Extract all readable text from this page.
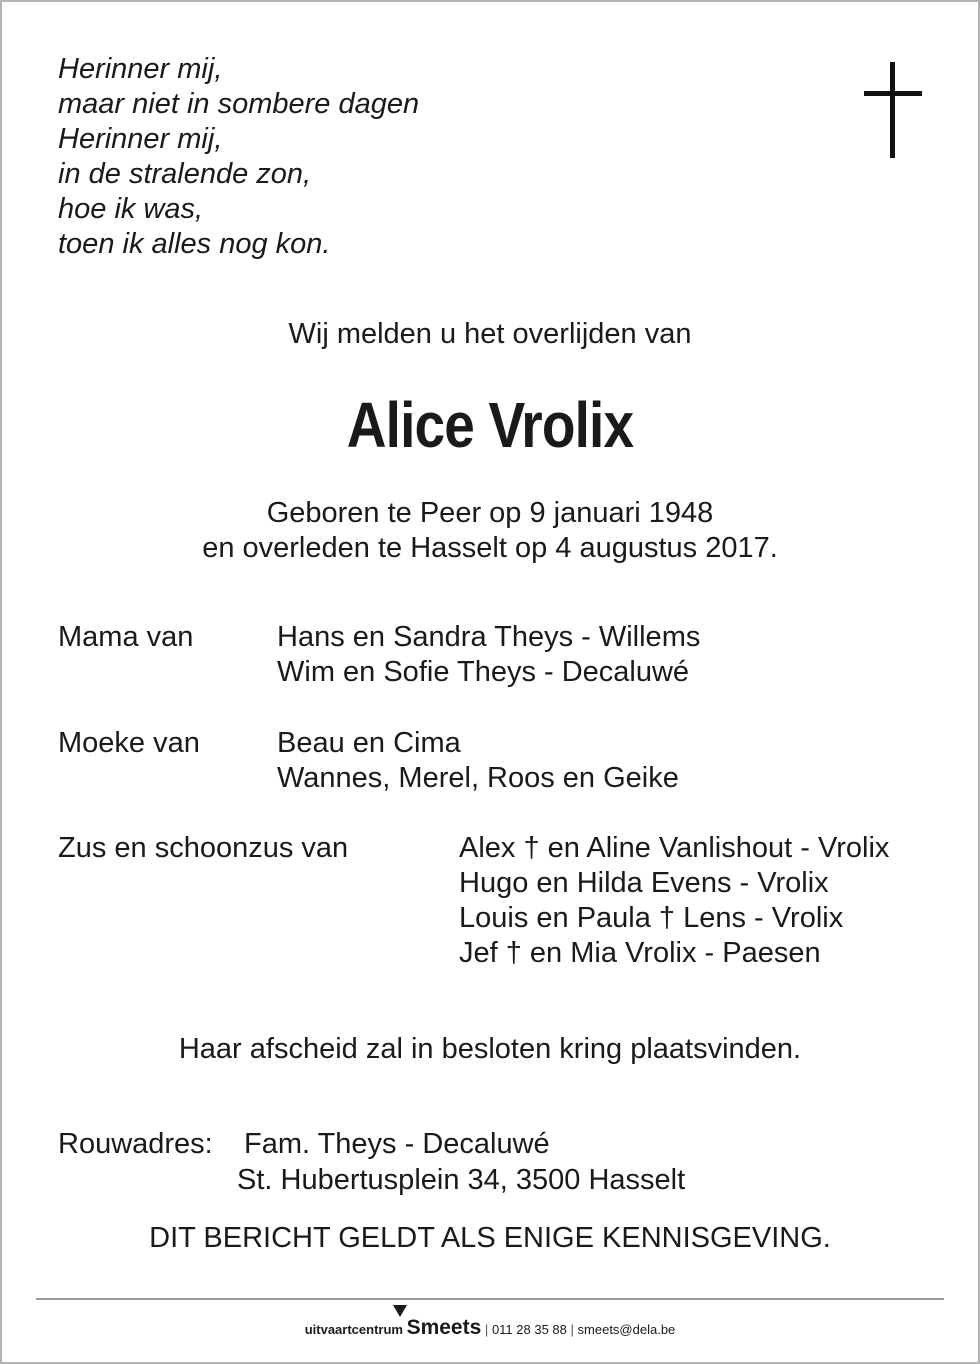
Herinner mij,
maar niet in sombere dagen
Herinner mij,
in de stralende zon,
hoe ik was,
toen ik alles nog kon.
Wij melden u het overlijden van
Alice Vrolix
Geboren te Peer op 9 januari 1948
en overleden te Hasselt op 4 augustus 2017.
Mama van	Hans en Sandra Theys - Willems
Wim en Sofie Theys - Decaluwé
Moeke van	Beau en Cima
Wannes, Merel, Roos en Geike
Zus en schoonzus van	Alex † en Aline Vanlishout - Vrolix
Hugo en Hilda Evens - Vrolix
Louis en Paula † Lens - Vrolix
Jef † en Mia Vrolix - Paesen
Haar afscheid zal in besloten kring plaatsvinden.
Rouwadres: Fam. Theys - Decaluwé
St. Hubertusplein 34, 3500 Hasselt
DIT BERICHT GELDT ALS ENIGE KENNISGEVING.
uitvaartcentrum Smeets | 011 28 35 88 | smeets@dela.be
